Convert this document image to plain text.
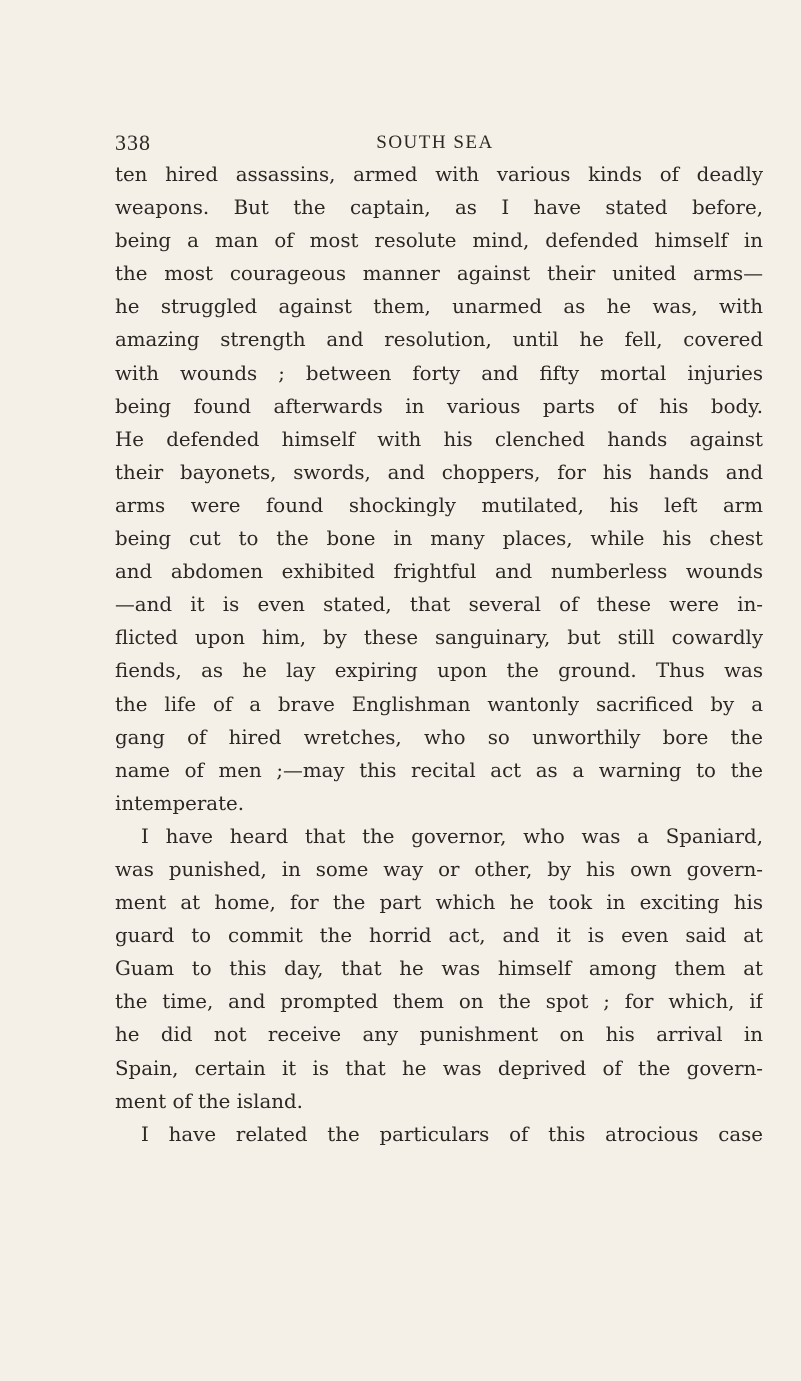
338	SOUTH SEA
ten hired assassins, armed with various kinds of deadly
weapons. But the captain, as I have stated before,
being a man of most resolute mind, defended himself in
the most courageous manner against their united arms—
he struggled against them, unarmed as he was, with
amazing strength and resolution, until he fell, covered
with wounds ; between forty and fifty mortal injuries
being found afterwards in various parts of his body.
He defended himself with his clenched hands against
their bayonets, swords, and choppers, for his hands and
arms were found shockingly mutilated, his left arm
being cut to the bone in many places, while his chest
and abdomen exhibited frightful and numberless wounds
—and it is even stated, that several of these were in-
flicted upon him, by these sanguinary, but still cowardly
fiends, as he lay expiring upon the ground. Thus was
the life of a brave Englishman wantonly sacrificed by a
gang of hired wretches, who so unworthily bore the
name of men ;—may this recital act as a warning to the
intemperate.
I have heard that the governor, who was a Spaniard,
was punished, in some way or other, by his own govern-
ment at home, for the part which he took in exciting his
guard to commit the horrid act, and it is even said at
Guam to this day, that he was himself among them at
the time, and prompted them on the spot ; for which, if
he did not receive any punishment on his arrival in
Spain, certain it is that he was deprived of the govern-
ment of the island.
I have related the particulars of this atrocious case
